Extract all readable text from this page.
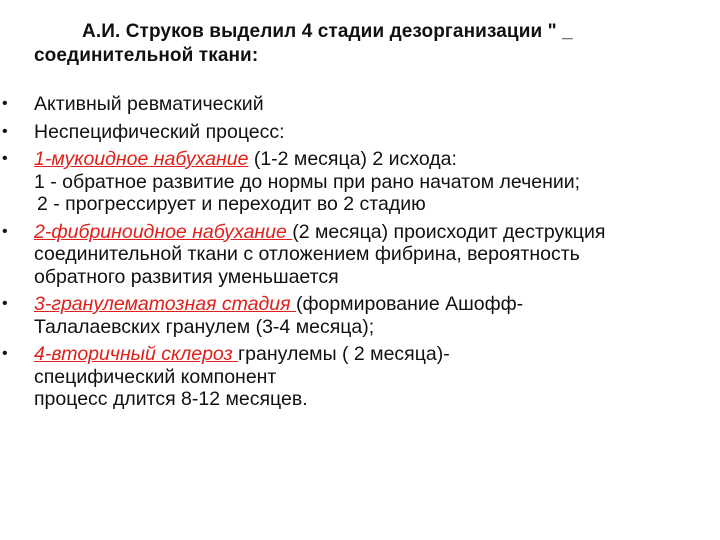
А.И. Струков выделил 4 стадии дезорганизации " _
соединительной ткани:
• Активный ревматический
• Неспецифический процесс:
• 1-мукоидное набухание (1-2 месяца) 2 исхода:
1 - обратное развитие до нормы при рано начатом лечении;
2 - прогрессирует и переходит во 2 стадию
• 2-фибриноидное набухание (2 месяца) происходит деструкция
соединительной ткани с отложением фибрина, вероятность
обратного развития уменьшается
• 3-гранулематозная стадия (формирование Ашофф-
Талалаевских гранулем (3-4 месяца);
• 4-вторичный склероз гранулемы ( 2 месяца)-
специфический компонент
процесс длится 8-12 месяцев.
